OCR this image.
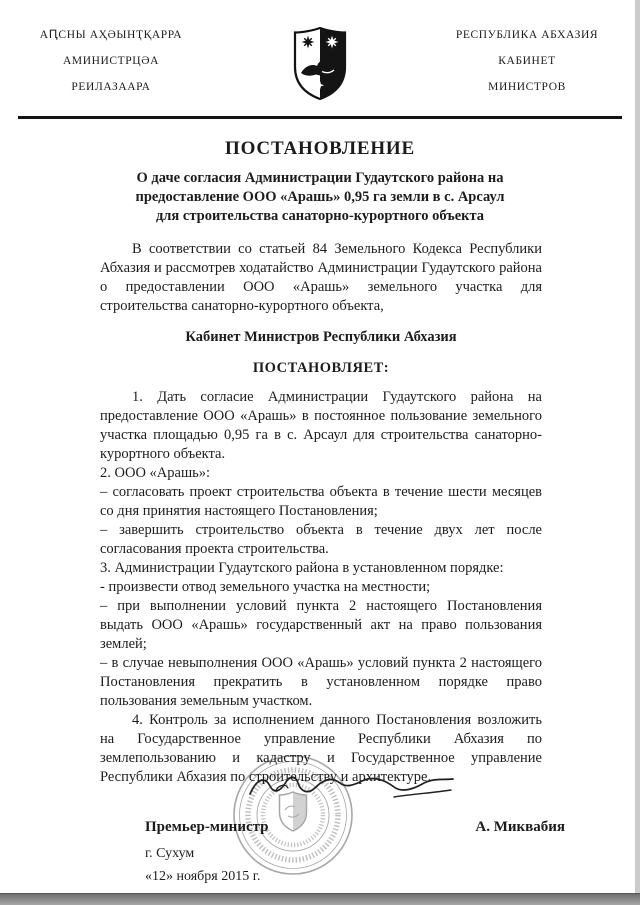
АԤСНЫ АҲӘЫНҬҚАРРА
АМИНИСТРЦӘА
РЕИЛАЗААРА
РЕСПУБЛИКА АБХАЗИЯ
КАБИНЕТ
МИНИСТРОВ
ПОСТАНОВЛЕНИЕ
О даче согласия Администрации Гудаутского района на
предоставление ООО «Арашь» 0,95 га земли в с. Арсаул
для строительства санаторно-курортного объекта

В соответствии со статьей 84 Земельного Кодекса Республики Абхазия и рассмотрев ходатайство Администрации Гудаутского района о предоставлении ООО «Арашь» земельного участка для строительства санаторно-курортного объекта,

Кабинет Министров Республики Абхазия

ПОСТАНОВЛЯЕТ:

1. Дать согласие Администрации Гудаутского района на предоставление ООО «Арашь» в постоянное пользование земельного участка площадью 0,95 га в с. Арсаул для строительства санаторно-курортного объекта.

2. ООО «Арашь»:

– согласовать проект строительства объекта в течение шести месяцев со дня принятия настоящего Постановления;

– завершить строительство объекта в течение двух лет после согласования проекта строительства.

3. Администрации Гудаутского района в установленном порядке:

- произвести отвод земельного участка на местности;

– при выполнении условий пункта 2 настоящего Постановления выдать ООО «Арашь» государственный акт на право пользования землей;

– в случае невыполнения ООО «Арашь» условий пункта 2 настоящего Постановления прекратить в установленном порядке право пользования земельным участком.

4. Контроль за исполнением данного Постановления возложить на Государственное управление Республики Абхазия по землепользованию и кадастру и Государственное управление Республики Абхазия по строительству и архитектуре.

Премьер-министр	А. Миквабия

г. Сухум

«12» ноября 2015 г.
